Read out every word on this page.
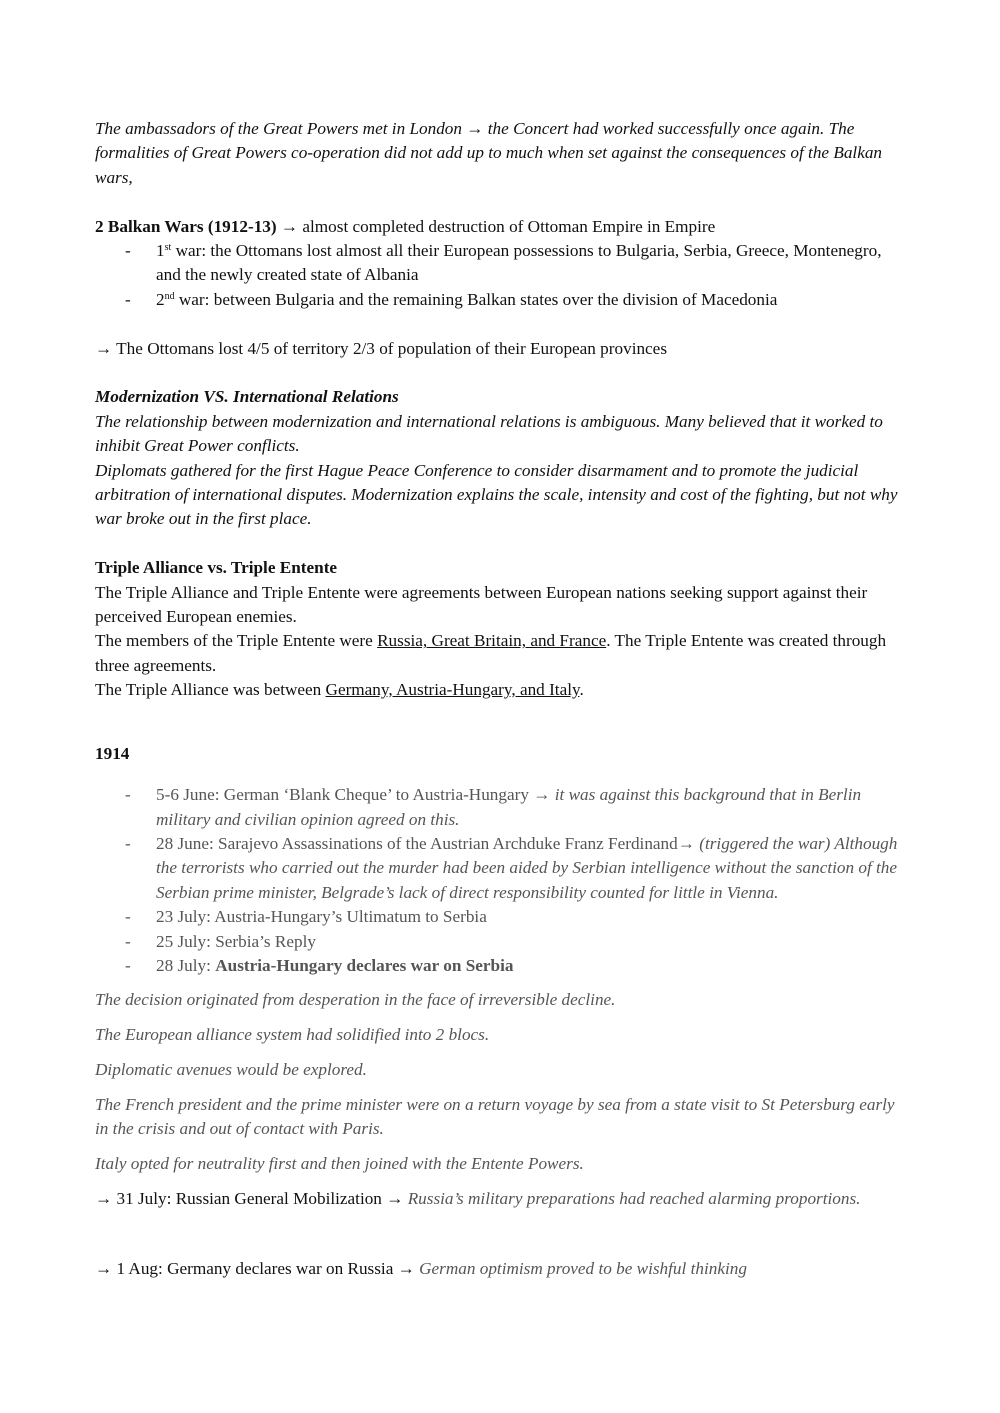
The ambassadors of the Great Powers met in London → the Concert had worked successfully once again. The formalities of Great Powers co-operation did not add up to much when set against the consequences of the Balkan wars,

2 Balkan Wars (1912-13) → almost completed destruction of Ottoman Empire in Empire

- 1st war: the Ottomans lost almost all their European possessions to Bulgaria, Serbia, Greece, Montenegro, and the newly created state of Albania
- 2nd war: between Bulgaria and the remaining Balkan states over the division of Macedonia

→ The Ottomans lost 4/5 of territory 2/3 of population of their European provinces

Modernization VS. International Relations

The relationship between modernization and international relations is ambiguous. Many believed that it worked to inhibit Great Power conflicts.

Diplomats gathered for the first Hague Peace Conference to consider disarmament and to promote the judicial arbitration of international disputes. Modernization explains the scale, intensity and cost of the fighting, but not why war broke out in the first place.

Triple Alliance vs. Triple Entente

The Triple Alliance and Triple Entente were agreements between European nations seeking support against their perceived European enemies.

The members of the Triple Entente were Russia, Great Britain, and France. The Triple Entente was created through three agreements.

The Triple Alliance was between Germany, Austria-Hungary, and Italy.

1914

- 5-6 June: German ‘Blank Cheque’ to Austria-Hungary → it was against this background that in Berlin military and civilian opinion agreed on this.
- 28 June: Sarajevo Assassinations of the Austrian Archduke Franz Ferdinand→ (triggered the war) Although the terrorists who carried out the murder had been aided by Serbian intelligence without the sanction of the Serbian prime minister, Belgrade’s lack of direct responsibility counted for little in Vienna.
- 23 July: Austria-Hungary’s Ultimatum to Serbia
- 25 July: Serbia’s Reply
- 28 July: Austria-Hungary declares war on Serbia

The decision originated from desperation in the face of irreversible decline.

The European alliance system had solidified into 2 blocs.

Diplomatic avenues would be explored.

The French president and the prime minister were on a return voyage by sea from a state visit to St Petersburg early in the crisis and out of contact with Paris.

Italy opted for neutrality first and then joined with the Entente Powers.

→ 31 July: Russian General Mobilization → Russia’s military preparations had reached alarming proportions.

→ 1 Aug: Germany declares war on Russia → German optimism proved to be wishful thinking
